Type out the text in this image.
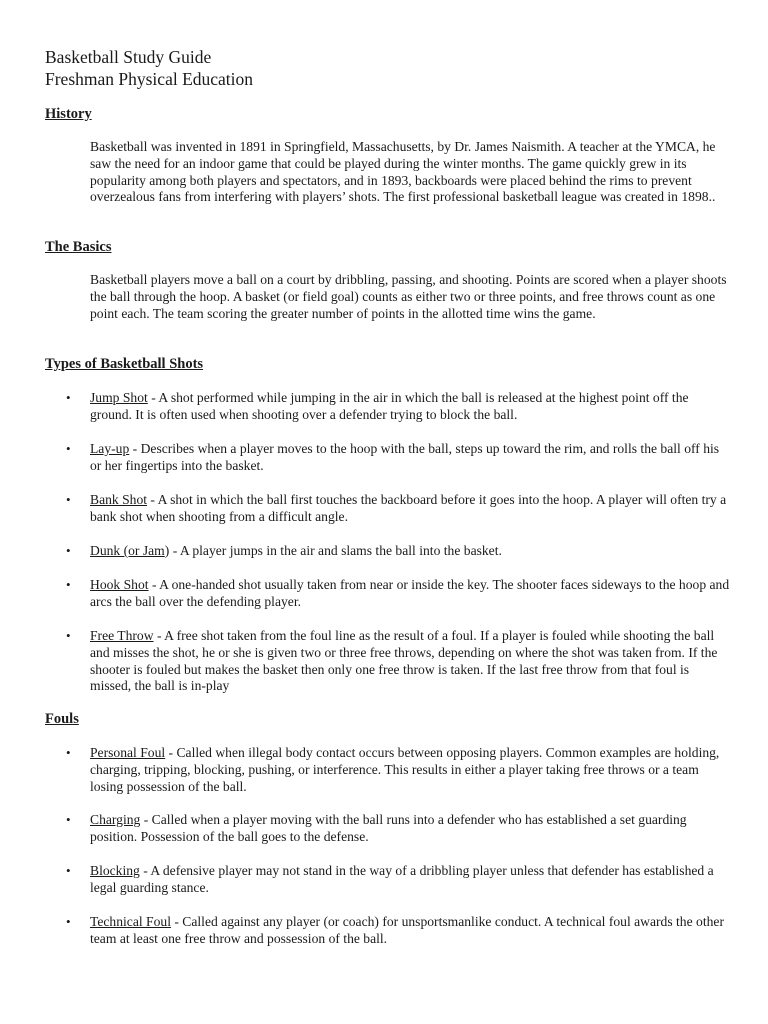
Basketball Study Guide
Freshman Physical Education
History

Basketball was invented in 1891 in Springfield, Massachusetts, by Dr. James Naismith. A teacher at the YMCA, he saw the need for an indoor game that could be played during the winter months. The game quickly grew in its popularity among both players and spectators, and in 1893, backboards were placed behind the rims to prevent overzealous fans from interfering with players’ shots. The first professional basketball league was created in 1898..

The Basics

Basketball players move a ball on a court by dribbling, passing, and shooting. Points are scored when a player shoots the ball through the hoop. A basket (or field goal) counts as either two or three points, and free throws count as one point each. The team scoring the greater number of points in the allotted time wins the game.

Types of Basketball Shots
•	Jump Shot - A shot performed while jumping in the air in which the ball is released at the highest point off the ground. It is often used when shooting over a defender trying to block the ball.
•	Lay-up - Describes when a player moves to the hoop with the ball, steps up toward the rim, and rolls the ball off his or her fingertips into the basket.
•	Bank Shot - A shot in which the ball first touches the backboard before it goes into the hoop. A player will often try a bank shot when shooting from a difficult angle.
•	Dunk (or Jam) - A player jumps in the air and slams the ball into the basket.
•	Hook Shot - A one-handed shot usually taken from near or inside the key. The shooter faces sideways to the hoop and arcs the ball over the defending player.
•	Free Throw - A free shot taken from the foul line as the result of a foul. If a player is fouled while shooting the ball and misses the shot, he or she is given two or three free throws, depending on where the shot was taken from. If the shooter is fouled but makes the basket then only one free throw is taken. If the last free throw from that foul is missed, the ball is in-play
Fouls
•	Personal Foul - Called when illegal body contact occurs between opposing players. Common examples are holding, charging, tripping, blocking, pushing, or interference. This results in either a player taking free throws or a team losing possession of the ball.
•	Charging - Called when a player moving with the ball runs into a defender who has established a set guarding position. Possession of the ball goes to the defense.
•	Blocking - A defensive player may not stand in the way of a dribbling player unless that defender has established a legal guarding stance.
•	Technical Foul - Called against any player (or coach) for unsportsmanlike conduct. A technical foul awards the other team at least one free throw and possession of the ball.
